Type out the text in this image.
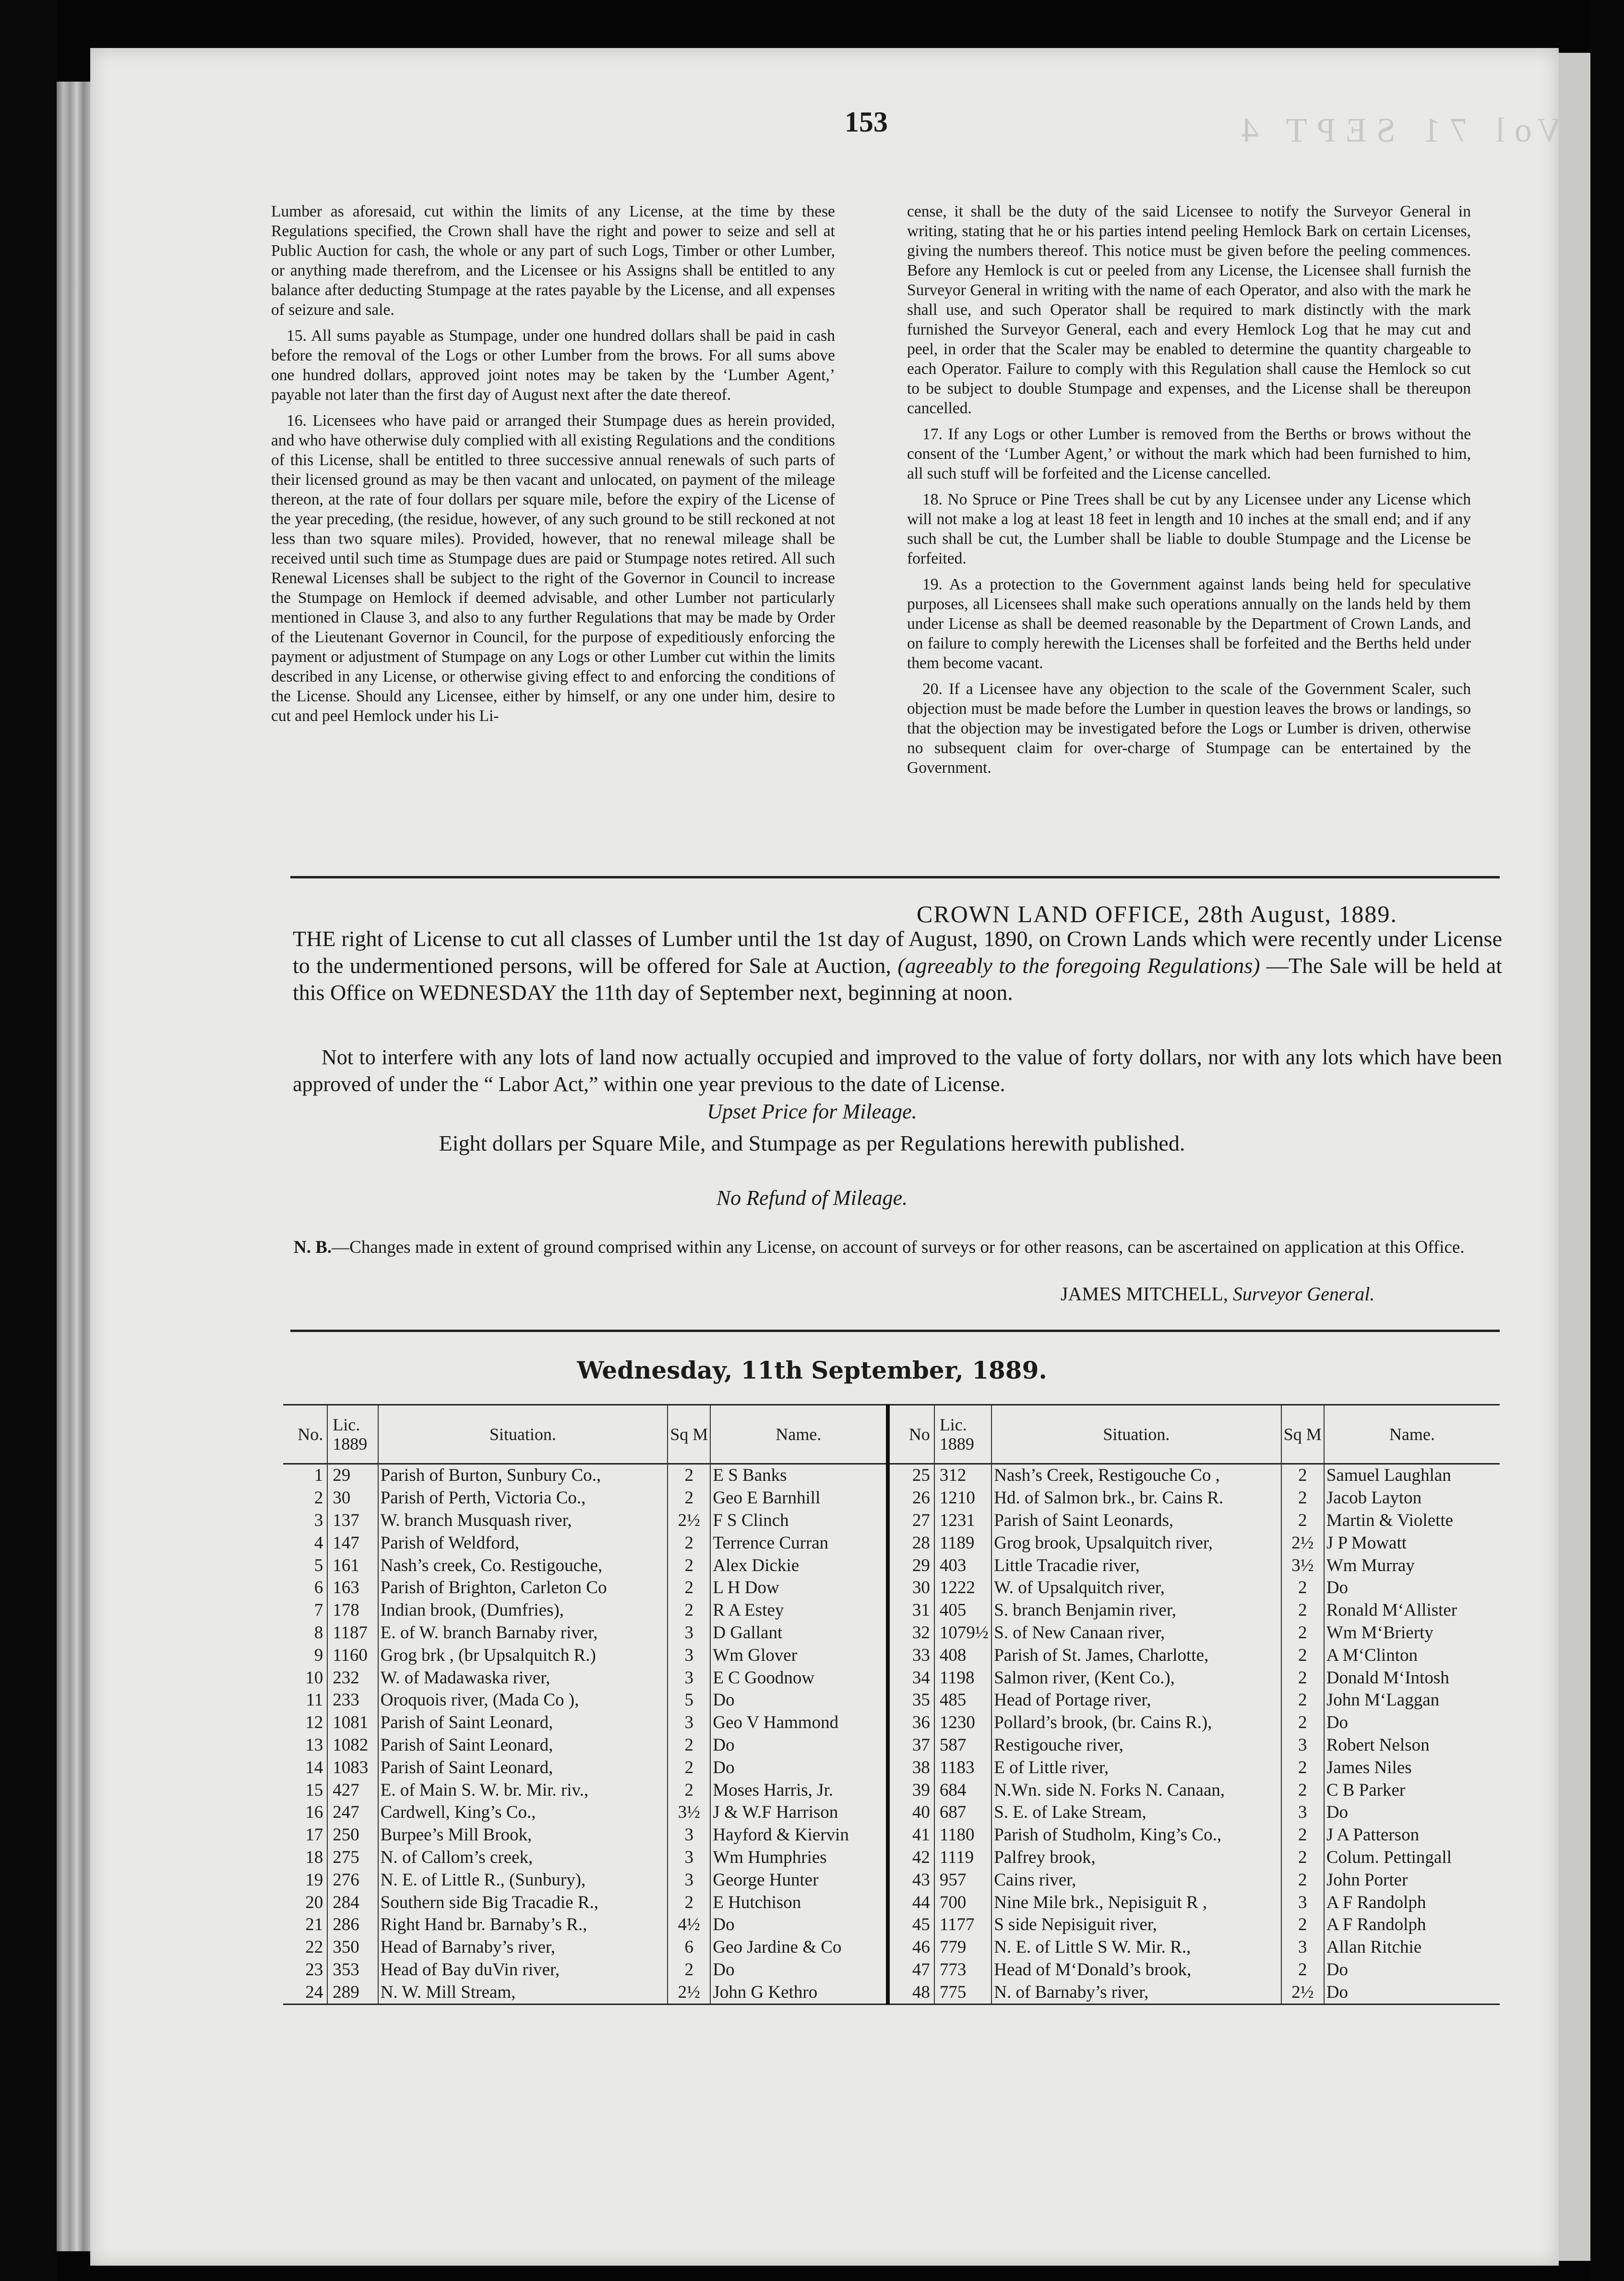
Vol 71 SEPT 4
153

Lumber as aforesaid, cut within the limits of any License, at the time by these Regulations specified, the Crown shall have the right and power to seize and sell at Public Auction for cash, the whole or any part of such Logs, Timber or other Lumber, or anything made therefrom, and the Licensee or his Assigns shall be entitled to any balance after deducting Stumpage at the rates payable by the License, and all expenses of seizure and sale.

15. All sums payable as Stumpage, under one hundred dollars shall be paid in cash before the removal of the Logs or other Lumber from the brows. For all sums above one hundred dollars, approved joint notes may be taken by the ‘Lumber Agent,’ payable not later than the first day of August next after the date thereof.

16. Licensees who have paid or arranged their Stumpage dues as herein provided, and who have otherwise duly complied with all existing Regulations and the conditions of this License, shall be entitled to three successive annual renewals of such parts of their licensed ground as may be then vacant and unlocated, on payment of the mileage thereon, at the rate of four dollars per square mile, before the expiry of the License of the year preceding, (the residue, however, of any such ground to be still reckoned at not less than two square miles). Provided, however, that no renewal mileage shall be received until such time as Stumpage dues are paid or Stumpage notes retired. All such Renewal Licenses shall be subject to the right of the Governor in Council to increase the Stumpage on Hemlock if deemed advisable, and other Lumber not particularly mentioned in Clause 3, and also to any further Regulations that may be made by Order of the Lieutenant Governor in Council, for the purpose of expeditiously enforcing the payment or adjustment of Stumpage on any Logs or other Lumber cut within the limits described in any License, or otherwise giving effect to and enforcing the conditions of the License. Should any Licensee, either by himself, or any one under him, desire to cut and peel Hemlock under his Li-

cense, it shall be the duty of the said Licensee to notify the Surveyor General in writing, stating that he or his parties intend peeling Hemlock Bark on certain Licenses, giving the numbers thereof. This notice must be given before the peeling commences. Before any Hemlock is cut or peeled from any License, the Licensee shall furnish the Surveyor General in writing with the name of each Operator, and also with the mark he shall use, and such Operator shall be required to mark distinctly with the mark furnished the Surveyor General, each and every Hemlock Log that he may cut and peel, in order that the Scaler may be enabled to determine the quantity chargeable to each Operator. Failure to comply with this Regulation shall cause the Hemlock so cut to be subject to double Stumpage and expenses, and the License shall be thereupon cancelled.

17. If any Logs or other Lumber is removed from the Berths or brows without the consent of the ‘Lumber Agent,’ or without the mark which had been furnished to him, all such stuff will be forfeited and the License cancelled.

18. No Spruce or Pine Trees shall be cut by any Licensee under any License which will not make a log at least 18 feet in length and 10 inches at the small end; and if any such shall be cut, the Lumber shall be liable to double Stumpage and the License be forfeited.

19. As a protection to the Government against lands being held for speculative purposes, all Licensees shall make such operations annually on the lands held by them under License as shall be deemed reasonable by the Department of Crown Lands, and on failure to comply herewith the Licenses shall be forfeited and the Berths held under them become vacant.

20. If a Licensee have any objection to the scale of the Government Scaler, such objection must be made before the Lumber in question leaves the brows or landings, so that the objection may be investigated before the Logs or Lumber is driven, otherwise no subsequent claim for over-charge of Stumpage can be entertained by the Government.

CROWN LAND OFFICE, 28th August, 1889.
THE right of License to cut all classes of Lumber until the 1st day of August, 1890, on Crown Lands which were recently under License to the undermentioned persons, will be offered for Sale at Auction, (agreeably to the foregoing Regulations) —The Sale will be held at this Office on WEDNESDAY the 11th day of September next, beginning at noon.
Not to interfere with any lots of land now actually occupied and improved to the value of forty dollars, nor with any lots which have been approved of under the “ Labor Act,” within one year previous to the date of License.
Upset Price for Mileage.
Eight dollars per Square Mile, and Stumpage as per Regulations herewith published.
No Refund of Mileage.
N. B.—Changes made in extent of ground comprised within any License, on account of surveys or for other reasons, can be ascertained on application at this Office.
JAMES MITCHELL, Surveyor General.
Wednesday, 11th September, 1889.
No.	Lic. 1889	Situation.	Sq M	Name.	No	Lic. 1889	Situation.	Sq M	Name.
1	29	Parish of Burton, Sunbury Co.,	2	E S Banks	25	312	Nash’s Creek, Restigouche Co ,	2	Samuel Laughlan
2	30	Parish of Perth, Victoria Co.,	2	Geo E Barnhill	26	1210	Hd. of Salmon brk., br. Cains R.	2	Jacob Layton
3	137	W. branch Musquash river,	2½	F S Clinch	27	1231	Parish of Saint Leonards,	2	Martin & Violette
4	147	Parish of Weldford,	2	Terrence Curran	28	1189	Grog brook, Upsalquitch river,	2½	J P Mowatt
5	161	Nash’s creek, Co. Restigouche,	2	Alex Dickie	29	403	Little Tracadie river,	3½	Wm Murray
6	163	Parish of Brighton, Carleton Co	2	L H Dow	30	1222	W. of Upsalquitch river,	2	Do
7	178	Indian brook, (Dumfries),	2	R A Estey	31	405	S. branch Benjamin river,	2	Ronald M‘Allister
8	1187	E. of W. branch Barnaby river,	3	D Gallant	32	1079½	S. of New Canaan river,	2	Wm M‘Brierty
9	1160	Grog brk , (br Upsalquitch R.)	3	Wm Glover	33	408	Parish of St. James, Charlotte,	2	A M‘Clinton
10	232	W. of Madawaska river,	3	E C Goodnow	34	1198	Salmon river, (Kent Co.),	2	Donald M‘Intosh
11	233	Oroquois river, (Mada Co ),	5	Do	35	485	Head of Portage river,	2	John M‘Laggan
12	1081	Parish of Saint Leonard,	3	Geo V Hammond	36	1230	Pollard’s brook, (br. Cains R.),	2	Do
13	1082	Parish of Saint Leonard,	2	Do	37	587	Restigouche river,	3	Robert Nelson
14	1083	Parish of Saint Leonard,	2	Do	38	1183	E of Little river,	2	James Niles
15	427	E. of Main S. W. br. Mir. riv.,	2	Moses Harris, Jr.	39	684	N.Wn. side N. Forks N. Canaan,	2	C B Parker
16	247	Cardwell, King’s Co.,	3½	J & W.F Harrison	40	687	S. E. of Lake Stream,	3	Do
17	250	Burpee’s Mill Brook,	3	Hayford & Kiervin	41	1180	Parish of Studholm, King’s Co.,	2	J A Patterson
18	275	N. of Callom’s creek,	3	Wm Humphries	42	1119	Palfrey brook,	2	Colum. Pettingall
19	276	N. E. of Little R., (Sunbury),	3	George Hunter	43	957	Cains river,	2	John Porter
20	284	Southern side Big Tracadie R.,	2	E Hutchison	44	700	Nine Mile brk., Nepisiguit R ,	3	A F Randolph
21	286	Right Hand br. Barnaby’s R.,	4½	Do	45	1177	S side Nepisiguit river,	2	A F Randolph
22	350	Head of Barnaby’s river,	6	Geo Jardine & Co	46	779	N. E. of Little S W. Mir. R.,	3	Allan Ritchie
23	353	Head of Bay duVin river,	2	Do	47	773	Head of M‘Donald’s brook,	2	Do
24	289	N. W. Mill Stream,	2½	John G Kethro	48	775	N. of Barnaby’s river,	2½	Do
